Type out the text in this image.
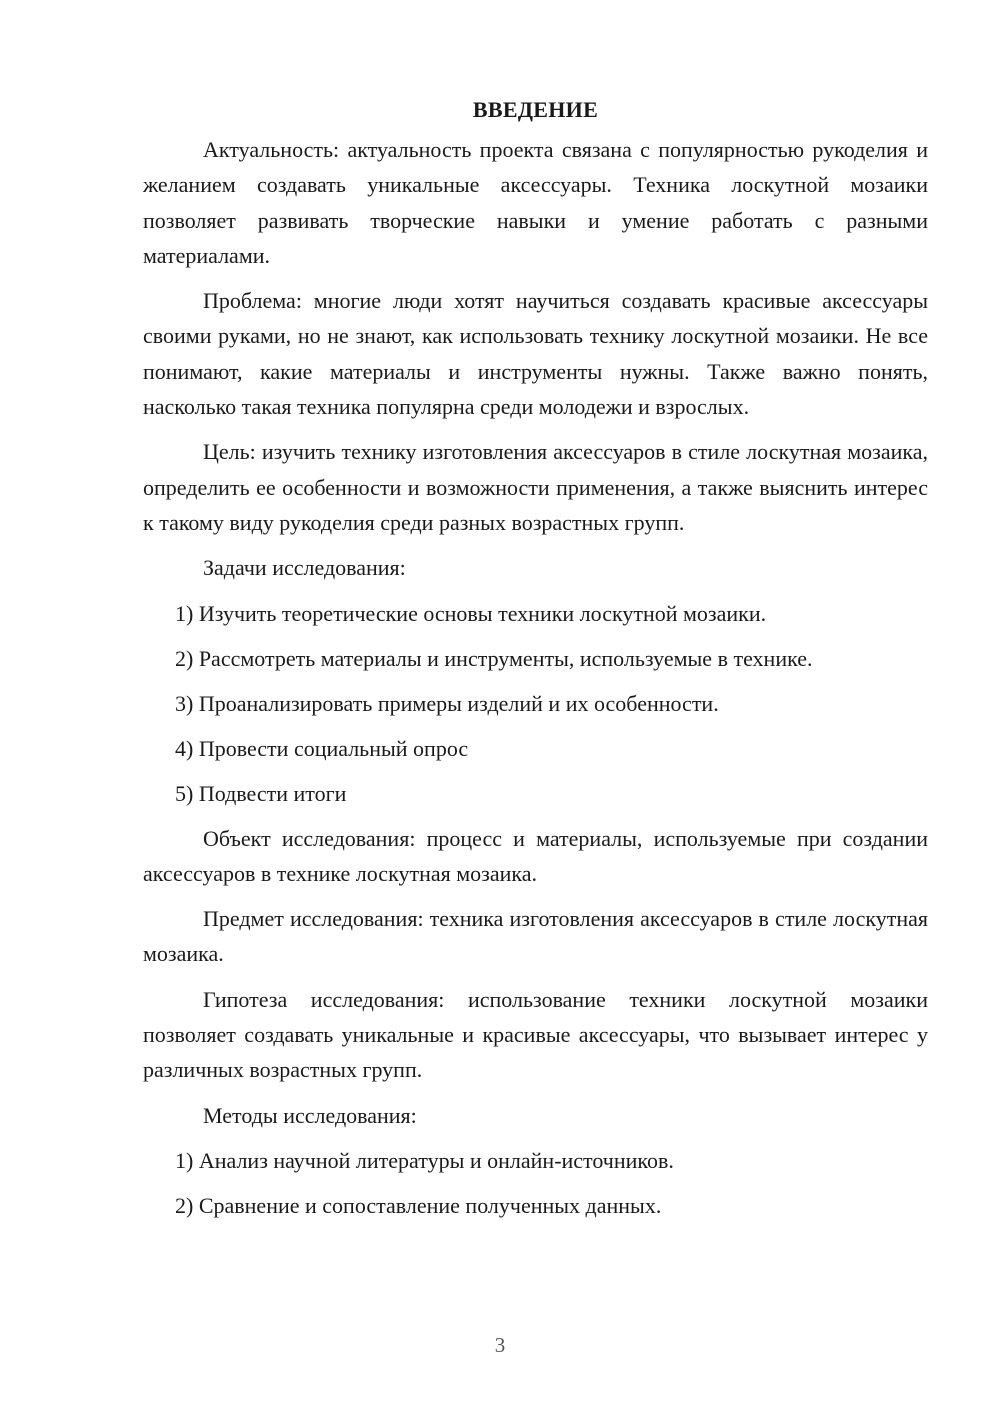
ВВЕДЕНИЕ

Актуальность: актуальность проекта связана с популярностью рукоделия и желанием создавать уникальные аксессуары. Техника лоскутной мозаики позволяет развивать творческие навыки и умение работать с разными материалами.

Проблема: многие люди хотят научиться создавать красивые аксессуары своими руками, но не знают, как использовать технику лоскутной мозаики. Не все понимают, какие материалы и инструменты нужны. Также важно понять, насколько такая техника популярна среди молодежи и взрослых.

Цель: изучить технику изготовления аксессуаров в стиле лоскутная мозаика, определить ее особенности и возможности применения, а также выяснить интерес к такому виду рукоделия среди разных возрастных групп.

Задачи исследования:

1) Изучить теоретические основы техники лоскутной мозаики.
2) Рассмотреть материалы и инструменты, используемые в технике.
3) Проанализировать примеры изделий и их особенности.
4) Провести социальный опрос
5) Подвести итоги

Объект исследования: процесс и материалы, используемые при создании аксессуаров в технике лоскутная мозаика.

Предмет исследования: техника изготовления аксессуаров в стиле лоскутная мозаика.

Гипотеза исследования: использование техники лоскутной мозаики позволяет создавать уникальные и красивые аксессуары, что вызывает интерес у различных возрастных групп.

Методы исследования:

1) Анализ научной литературы и онлайн-источников.
2) Сравнение и сопоставление полученных данных.
3
